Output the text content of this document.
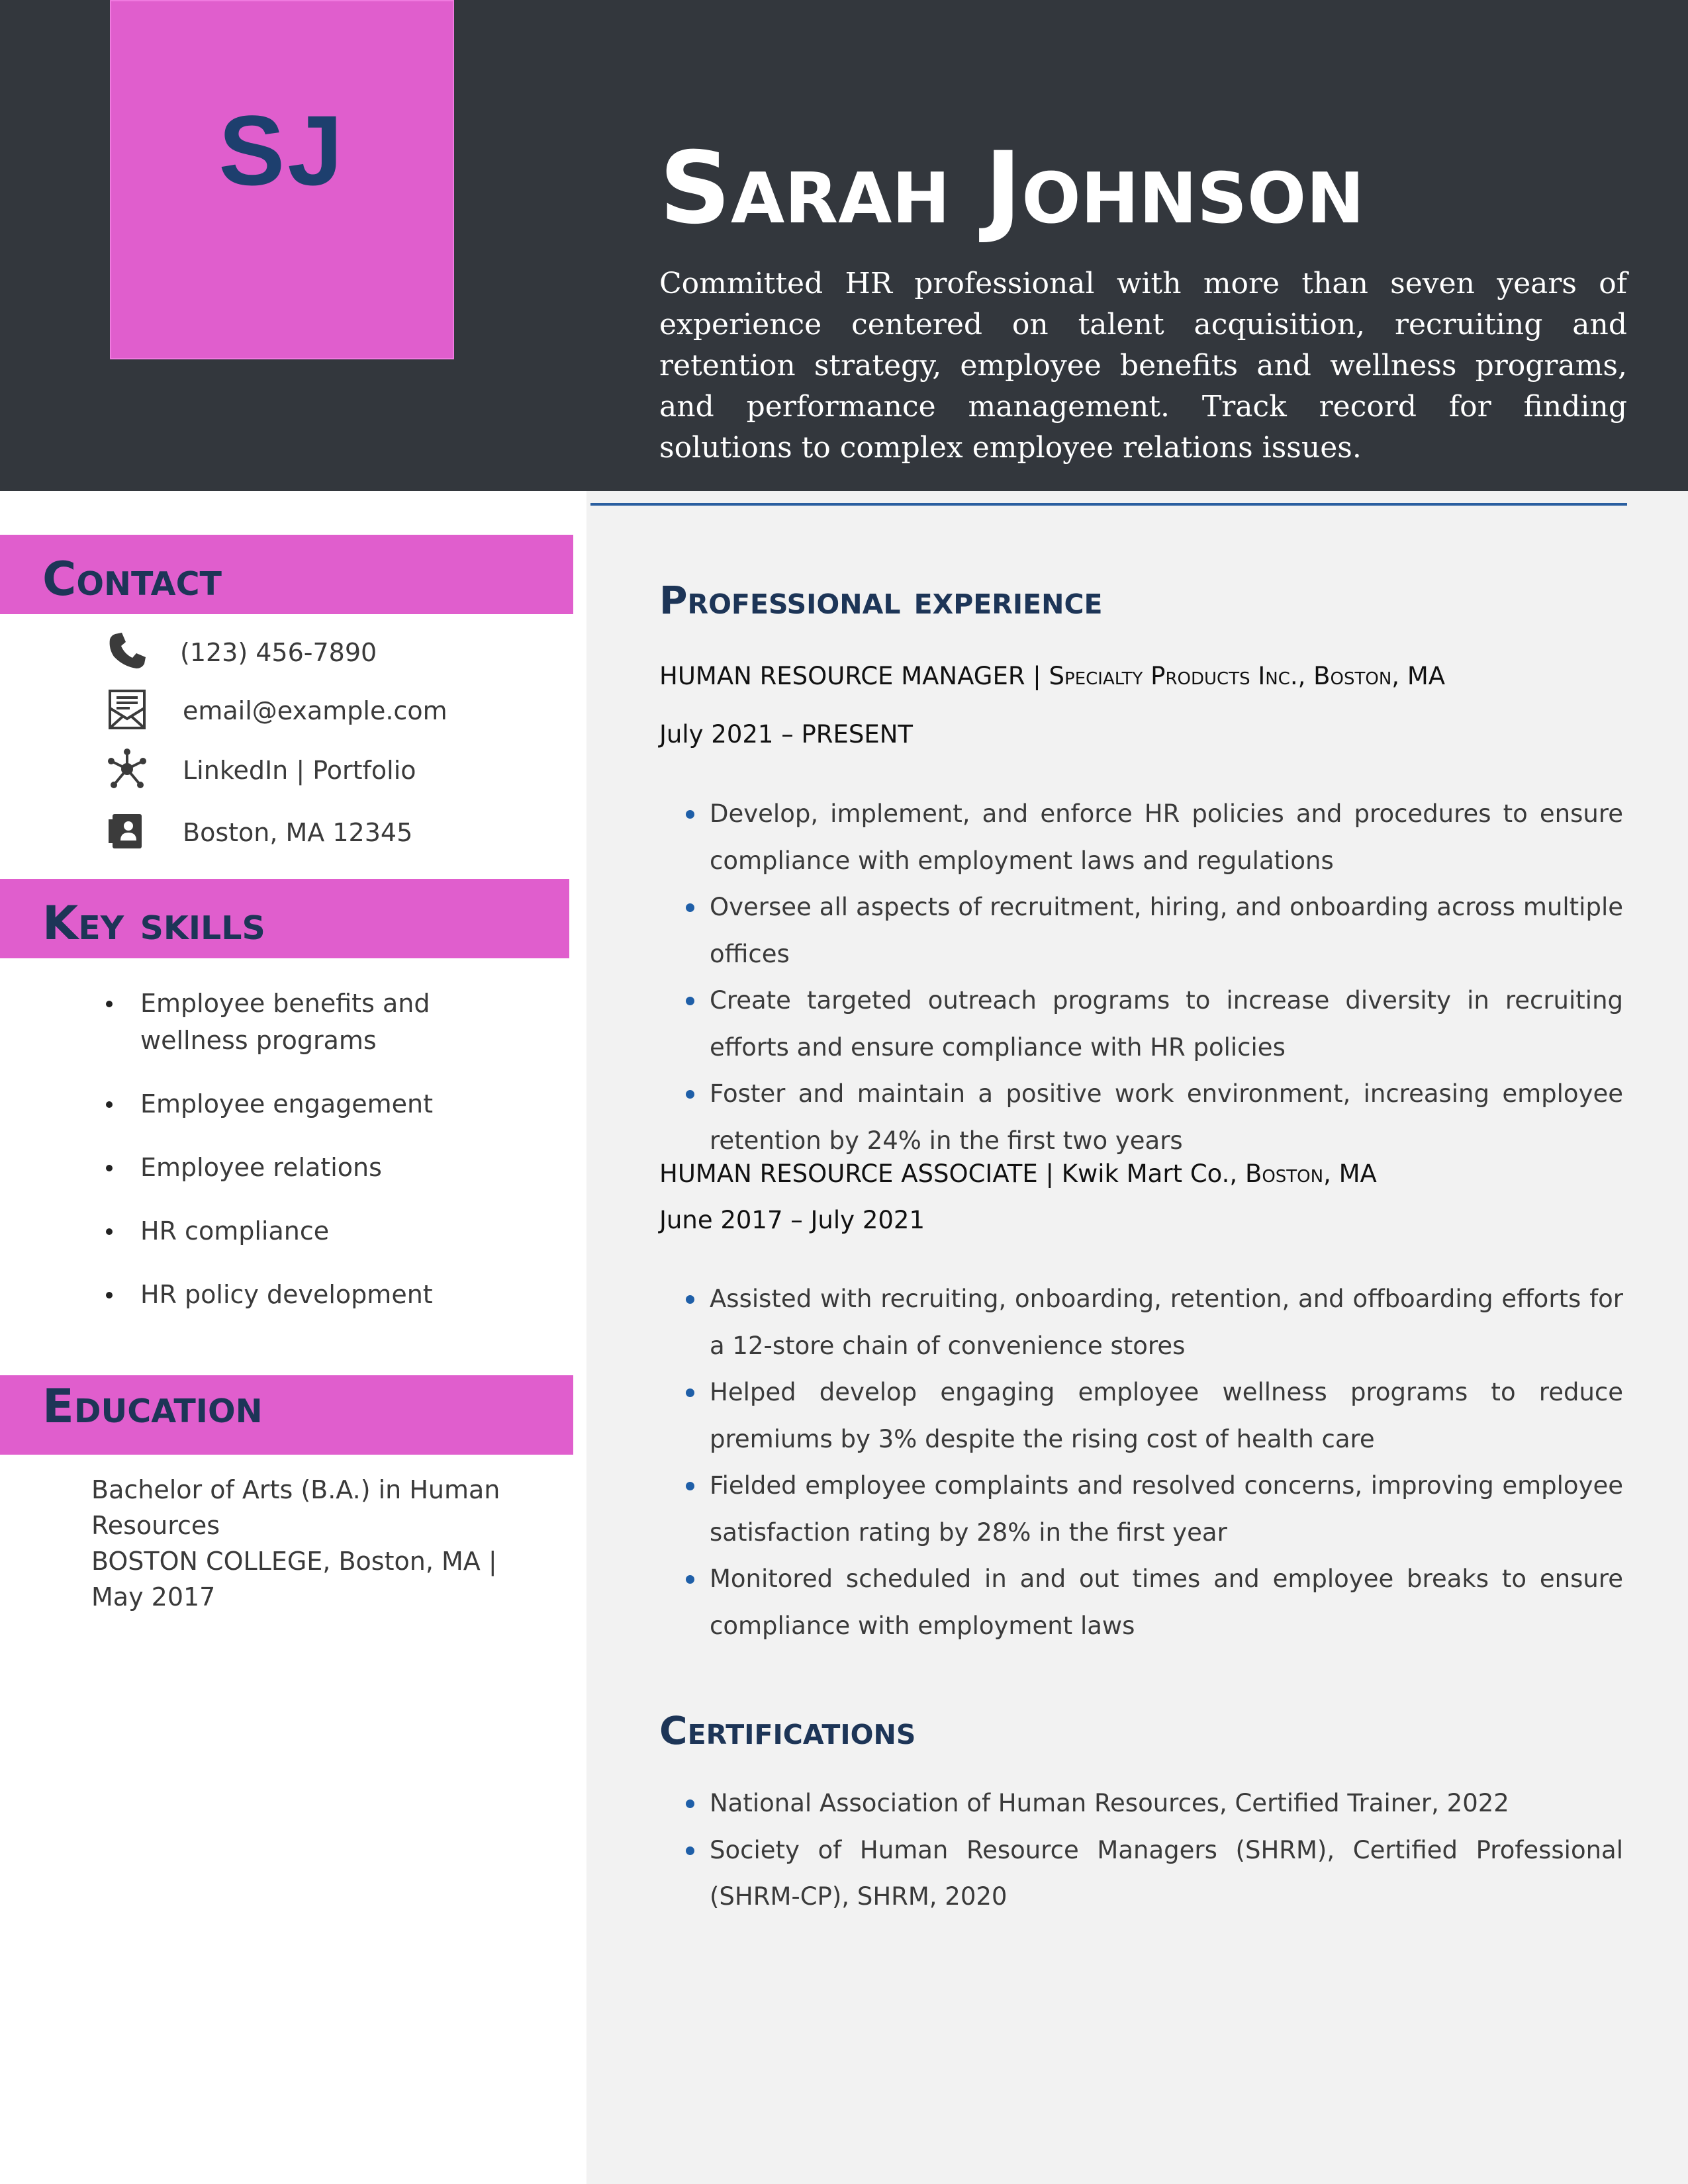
SJ	Sarah Johnson
Committed HR professional with more than seven years of experience centered on talent acquisition, recruiting and retention strategy, employee benefits and wellness programs, and performance management. Track record for finding solutions to complex employee relations issues.
Contact
(123) 456-7890
email@example.com
LinkedIn | Portfolio
Boston, MA 12345
Key skills
Employee benefits and wellness programs
Employee engagement
Employee relations
HR compliance
HR policy development
Education
Bachelor of Arts (B.A.) in Human Resources
BOSTON COLLEGE, Boston, MA | May 2017
Professional experience
HUMAN RESOURCE MANAGER | Specialty Products Inc., Boston, MA
July 2021 – PRESENT
Develop, implement, and enforce HR policies and procedures to ensure compliance with employment laws and regulations
Oversee all aspects of recruitment, hiring, and onboarding across multiple offices
Create targeted outreach programs to increase diversity in recruiting efforts and ensure compliance with HR policies
Foster and maintain a positive work environment, increasing employee retention by 24% in the first two years
HUMAN RESOURCE ASSOCIATE | Kwik Mart Co., Boston, MA
June 2017 – July 2021
Assisted with recruiting, onboarding, retention, and offboarding efforts for a 12-store chain of convenience stores
Helped develop engaging employee wellness programs to reduce premiums by 3% despite the rising cost of health care
Fielded employee complaints and resolved concerns, improving employee satisfaction rating by 28% in the first year
Monitored scheduled in and out times and employee breaks to ensure compliance with employment laws
Certifications
National Association of Human Resources, Certified Trainer, 2022
Society of Human Resource Managers (SHRM), Certified Professional (SHRM-CP), SHRM, 2020
